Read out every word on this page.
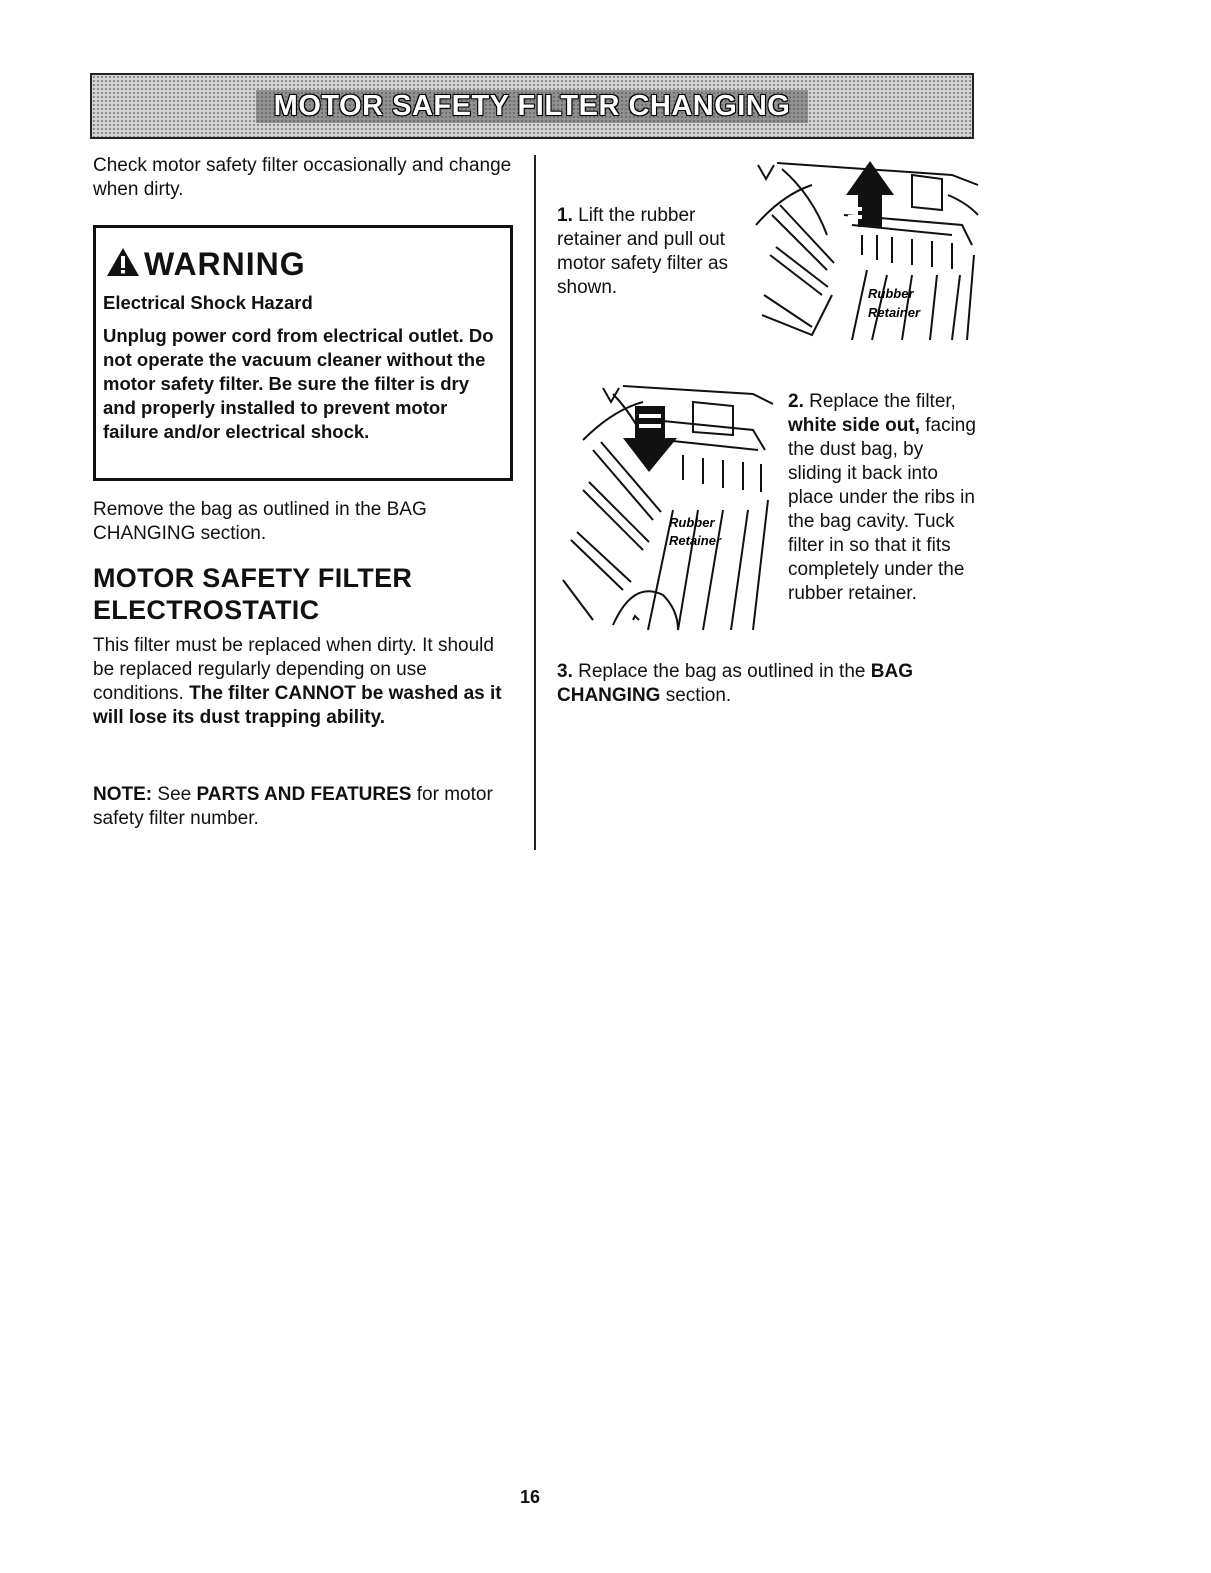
MOTOR SAFETY FILTER CHANGING

Check motor safety filter occasionally and change when dirty.

WARNING

Electrical Shock Hazard

Unplug power cord from electrical outlet. Do not operate the vacuum cleaner without the motor safety filter. Be sure the filter is dry and properly installed to prevent motor failure and/or electrical shock.

Remove the bag as outlined in the BAG CHANGING section.

MOTOR SAFETY FILTER
ELECTROSTATIC

This filter must be replaced when dirty. It should be replaced regularly depending on use conditions. The filter CANNOT be washed as it will lose its dust trapping ability.

NOTE: See PARTS AND FEATURES for motor safety filter number.

1. Lift the rubber retainer and pull out motor safety filter as shown.	Rubber
Retainer
Rubber
Retainer

2. Replace the filter, white side out, facing the dust bag, by sliding it back into place under the ribs in the bag cavity. Tuck filter in so that it fits completely under the rubber retainer.

3. Replace the bag as outlined in the BAG CHANGING section.

16
